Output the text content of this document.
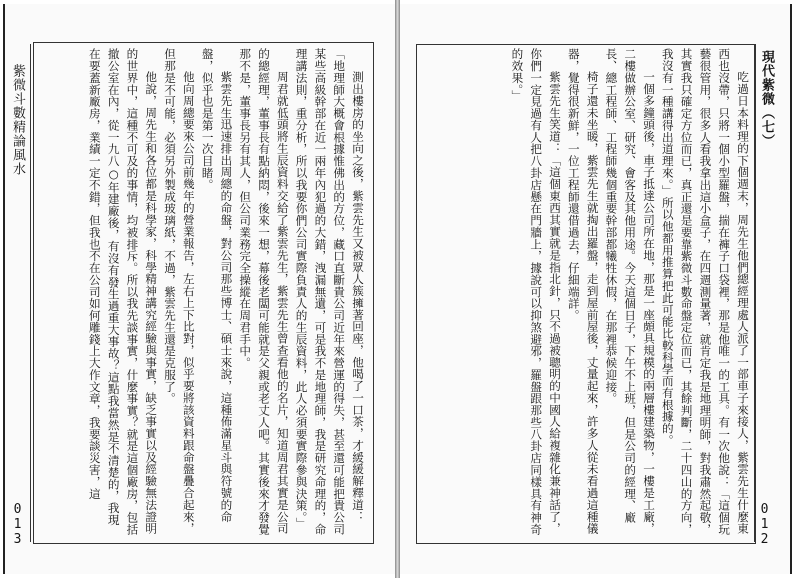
紫微斗數精論風水
013
測出樓房的坐向之後，紫雲先生又被眾人簇擁著回座，他喝了一口茶，才緩緩解釋道：「地理師大概會根據惟佛出的方位，藏口直斷貴公司近年來營運的得失，甚至還可能把貴公司某些高級幹部在近一兩年內犯過的大錯，洩漏無遺，可是我不是地理師，我是研究命理的，命理講法則，重分析，所以我要你們公司實際負責人的生辰資料，此人必須要實際參與決策。」
周君就低頭將生辰資料交給了紫雲先生，紫雲先生曾查看他的名片，知道周君其實是公司的總經理，董事長有點納悶，後來一想，幕後老闆可能就是父親或老丈人吧。其實後來才發覺那不是，董事長另有其人，但公司業務完全操縱在周君手中。
紫雲先生迅速排出周總的命盤，對公司那些博士、碩士來說，這種佈滿星斗與符號的命盤，似乎也是第一次目睹。
他向周總要來公司前幾年的營業報告，左右上下比對，似乎要將該資料跟命盤疊合起來，但那是不可能，必須另外製成玻璃紙，不過，紫雲先生還是克服了。
他說，周先生和各位都是科學家，科學精神講究經驗與事實，缺乏事實以及經驗無法證明的世界中，這種不可及的事情，均被排斥。所以我先談事實，什麼事實？就是這個廠房，包括撤公室在內，從一九八○年建廠後，有沒有發生過重大事故？這點我當然是不清楚的，我現在要蓋新廠房，業績一定不錯，但我也不在公司如何雕錢上大作文章，我要談災害，這	現代紫微（七）
012
吃過日本料理的下個週末，周先生他們總經理處人派了一部車子來接人，紫雲先生什麼東西也沒帶，只將一個小型羅盤，揣在褲子口袋裡，那是他唯一的工具。有一次他說：「這個玩藝很管用，很多人看我拿出這小盒子，在四週測量著，就肯定我是地理明師，對我肅然起敬，其實我只確定方位而已，真正還是要靠紫微斗數命盤定位而已，其餘判斷，二十四山的方向，我沒有一種講得出道理來。」所以他都用推算把此可能比較科學而有根據的。
一個多鐘頭後，車子抵達公司所在地，那是一座頗具規模的兩層樓建築物，一樓是工廠，二樓做辦公室、研究、會客及其他用途。今天這個日子，下午不上班，但是公司的經理、廠長、總工程師、工程師幾個重要幹部都犧牲休假，在那裡恭候迎接。
椅子還未坐暖，紫雲先生就掏出羅盤，走到屋前屋後，丈量起來，許多人從未看過這種儀器，覺得很新鮮，一位工程師還借過去，仔細端詳。
紫雲先生笑道：「這個東西其實就是指北針，只不過被聰明的中國人給複雜化兼神話了，你們一定見過有人把八卦店懸在門牆上，據說可以抑煞避邪，羅盤跟那些八卦店同樣具有神奇的效果。」
